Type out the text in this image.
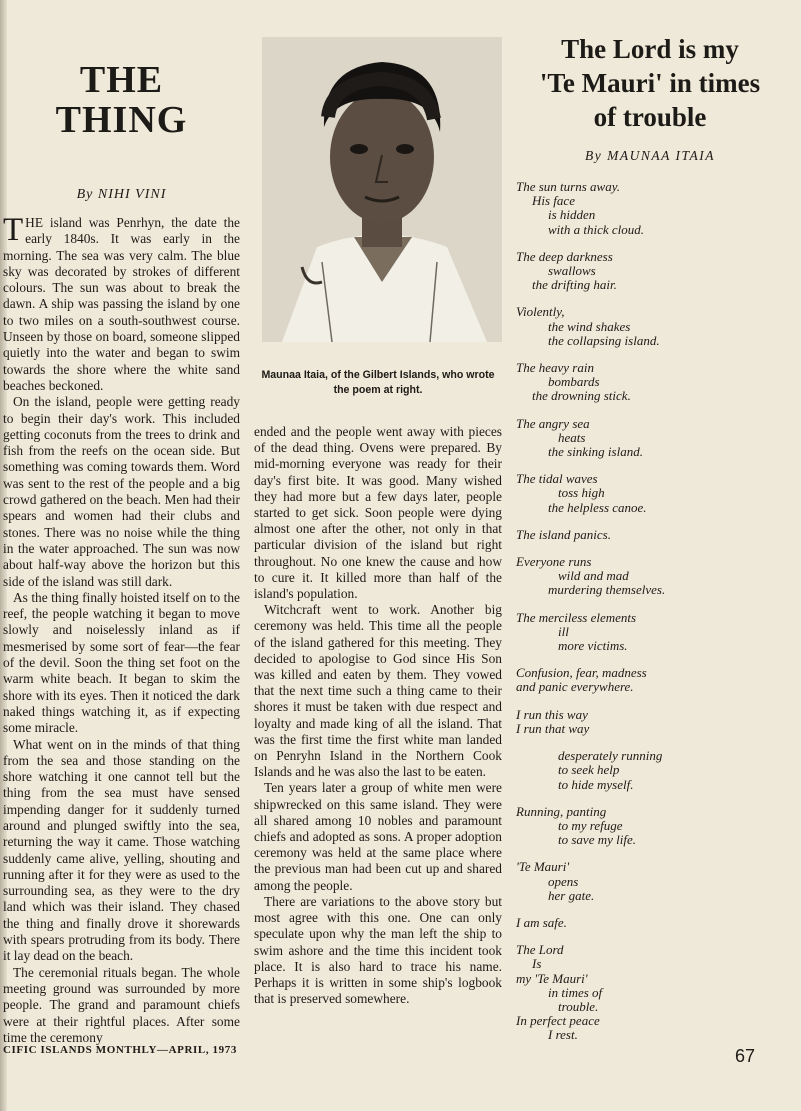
THE
THING
By NIHI VINI

THE island was Penrhyn, the date the early 1840s. It was early in the morning. The sea was very calm. The blue sky was decorated by strokes of different colours. The sun was about to break the dawn. A ship was passing the island by one to two miles on a south-southwest course. Unseen by those on board, someone slipped quietly into the water and began to swim towards the shore where the white sand beaches beckoned.

On the island, people were getting ready to begin their day's work. This included getting coconuts from the trees to drink and fish from the reefs on the ocean side. But something was coming towards them. Word was sent to the rest of the people and a big crowd gathered on the beach. Men had their spears and women had their clubs and stones. There was no noise while the thing in the water approached. The sun was now about half-way above the horizon but this side of the island was still dark.

As the thing finally hoisted itself on to the reef, the people watching it began to move slowly and noiselessly inland as if mesmerised by some sort of fear—the fear of the devil. Soon the thing set foot on the warm white beach. It began to skim the shore with its eyes. Then it noticed the dark naked things watching it, as if expecting some miracle.

What went on in the minds of that thing from the sea and those standing on the shore watching it one cannot tell but the thing from the sea must have sensed impending danger for it suddenly turned around and plunged swiftly into the sea, returning the way it came. Those watching suddenly came alive, yelling, shouting and running after it for they were as used to the surrounding sea, as they were to the dry land which was their island. They chased the thing and finally drove it shorewards with spears protruding from its body. There it lay dead on the beach.

The ceremonial rituals began. The whole meeting ground was surrounded by more people. The grand and paramount chiefs were at their rightful places. After some time the ceremony

Maunaa Itaia, of the Gilbert Islands, who wrote the poem at right.

ended and the people went away with pieces of the dead thing. Ovens were prepared. By mid-morning everyone was ready for their day's first bite. It was good. Many wished they had more but a few days later, people started to get sick. Soon people were dying almost one after the other, not only in that particular division of the island but right throughout. No one knew the cause and how to cure it. It killed more than half of the island's population.

Witchcraft went to work. Another big ceremony was held. This time all the people of the island gathered for this meeting. They decided to apologise to God since His Son was killed and eaten by them. They vowed that the next time such a thing came to their shores it must be taken with due respect and loyalty and made king of all the island. That was the first time the first white man landed on Penryhn Island in the Northern Cook Islands and he was also the last to be eaten.

Ten years later a group of white men were shipwrecked on this same island. They were all shared among 10 nobles and paramount chiefs and adopted as sons. A proper adoption ceremony was held at the same place where the previous man had been cut up and shared among the people.

There are variations to the above story but most agree with this one. One can only speculate upon why the man left the ship to swim ashore and the time this incident took place. It is also hard to trace his name. Perhaps it is written in some ship's logbook that is preserved somewhere.

The Lord is my
'Te Mauri' in times
of trouble
By MAUNAA ITAIA
The sun turns away.
His face
is hidden
with a thick cloud.
The deep darkness
swallows
the drifting hair.
Violently,
the wind shakes
the collapsing island.
The heavy rain
bombards
the drowning stick.
The angry sea
heats
the sinking island.
The tidal waves
toss high
the helpless canoe.
The island panics.
Everyone runs
wild and mad
murdering themselves.
The merciless elements
ill
more victims.
Confusion, fear, madness
and panic everywhere.
I run this way
I run that way
desperately running
to seek help
to hide myself.
Running, panting
to my refuge
to save my life.
'Te Mauri'
opens
her gate.
I am safe.
The Lord
Is
my 'Te Mauri'
in times of
trouble.
In perfect peace
I rest.
CIFIC ISLANDS MONTHLY—APRIL, 1973	67
